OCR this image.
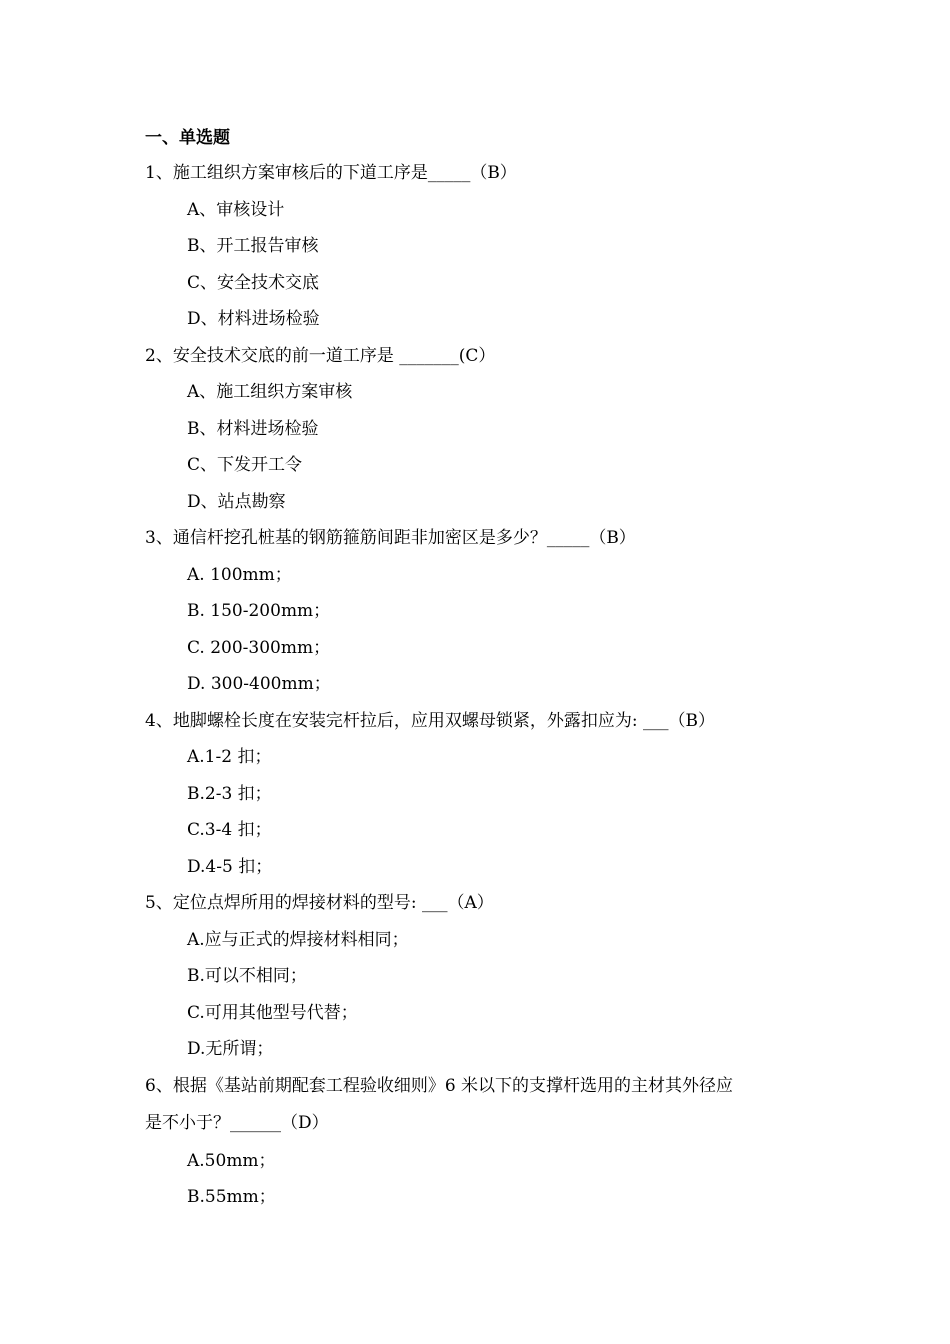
一、单选题
1、施工组织方案审核后的下道工序是_____（B）
A、审核设计
B、开工报告审核
C、安全技术交底
D、材料进场检验
2、安全技术交底的前一道工序是 _______(C）
A、施工组织方案审核
B、材料进场检验
C、下发开工令
D、站点勘察
3、通信杆挖孔桩基的钢筋箍筋间距非加密区是多少？_____（B）
A. 100mm；
B. 150-200mm；
C. 200-300mm；
D. 300-400mm；
4、地脚螺栓长度在安装完杆拉后，应用双螺母锁紧，外露扣应为: ___（B）
A.1-2 扣；
B.2-3 扣；
C.3-4 扣；
D.4-5 扣；
5、定位点焊所用的焊接材料的型号: ___（A）
A.应与正式的焊接材料相同；
B.可以不相同；
C.可用其他型号代替；
D.无所谓；
6、根据《基站前期配套工程验收细则》6 米以下的支撑杆选用的主材其外径应
是不小于？______（D）
A.50mm；
B.55mm；
